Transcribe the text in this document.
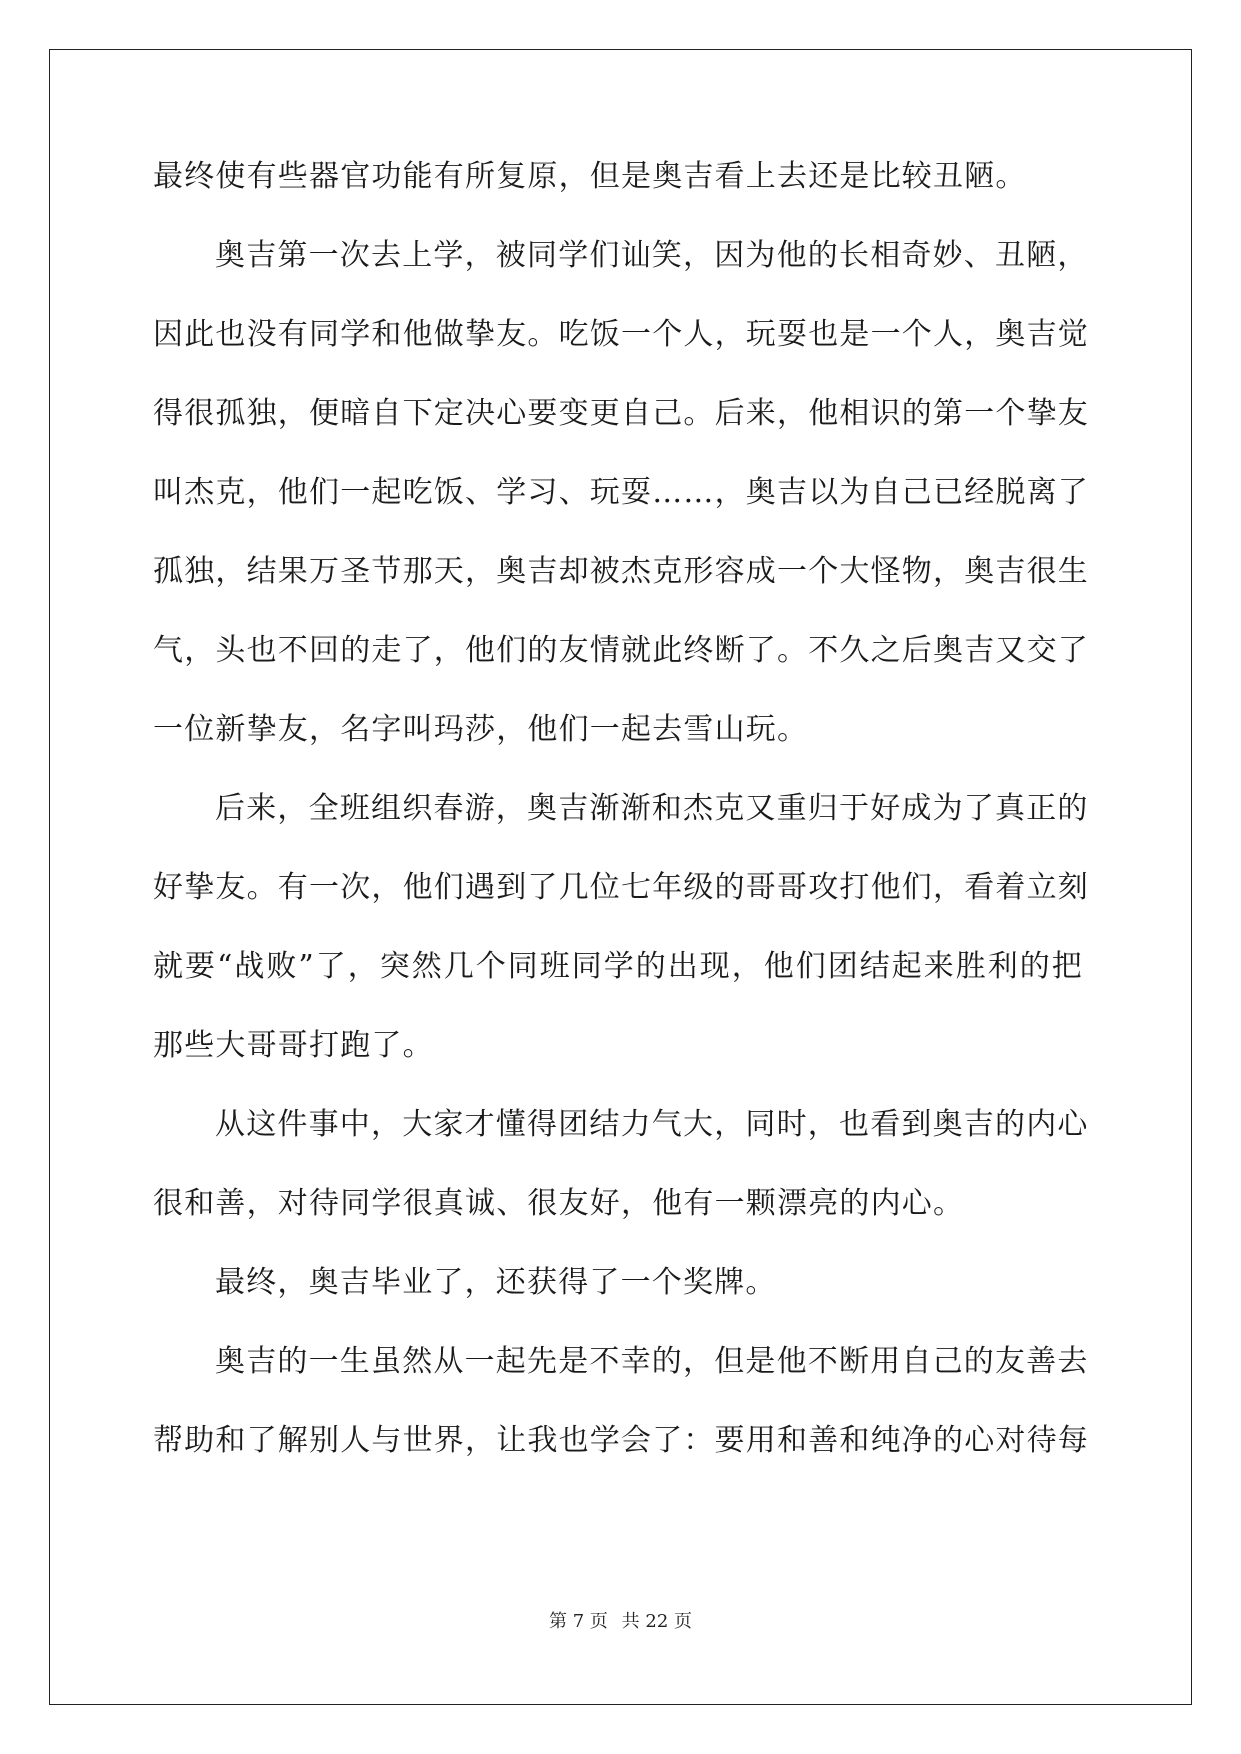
最终使有些器官功能有所复原，但是奥吉看上去还是比较丑陋。
奥吉第一次去上学，被同学们讪笑，因为他的长相奇妙、丑陋，
因此也没有同学和他做挚友。吃饭一个人，玩耍也是一个人，奥吉觉
得很孤独，便暗自下定决心要变更自己。后来，他相识的第一个挚友
叫杰克，他们一起吃饭、学习、玩耍……，奥吉以为自己已经脱离了
孤独，结果万圣节那天，奥吉却被杰克形容成一个大怪物，奥吉很生
气，头也不回的走了，他们的友情就此终断了。不久之后奥吉又交了
一位新挚友，名字叫玛莎，他们一起去雪山玩。
后来，全班组织春游，奥吉渐渐和杰克又重归于好成为了真正的
好挚友。有一次，他们遇到了几位七年级的哥哥攻打他们，看着立刻
就要“战败”了，突然几个同班同学的出现，他们团结起来胜利的把
那些大哥哥打跑了。
从这件事中，大家才懂得团结力气大，同时，也看到奥吉的内心
很和善，对待同学很真诚、很友好，他有一颗漂亮的内心。
最终，奥吉毕业了，还获得了一个奖牌。
奥吉的一生虽然从一起先是不幸的，但是他不断用自己的友善去
帮助和了解别人与世界，让我也学会了：要用和善和纯净的心对待每
第 7 页 共 22 页
